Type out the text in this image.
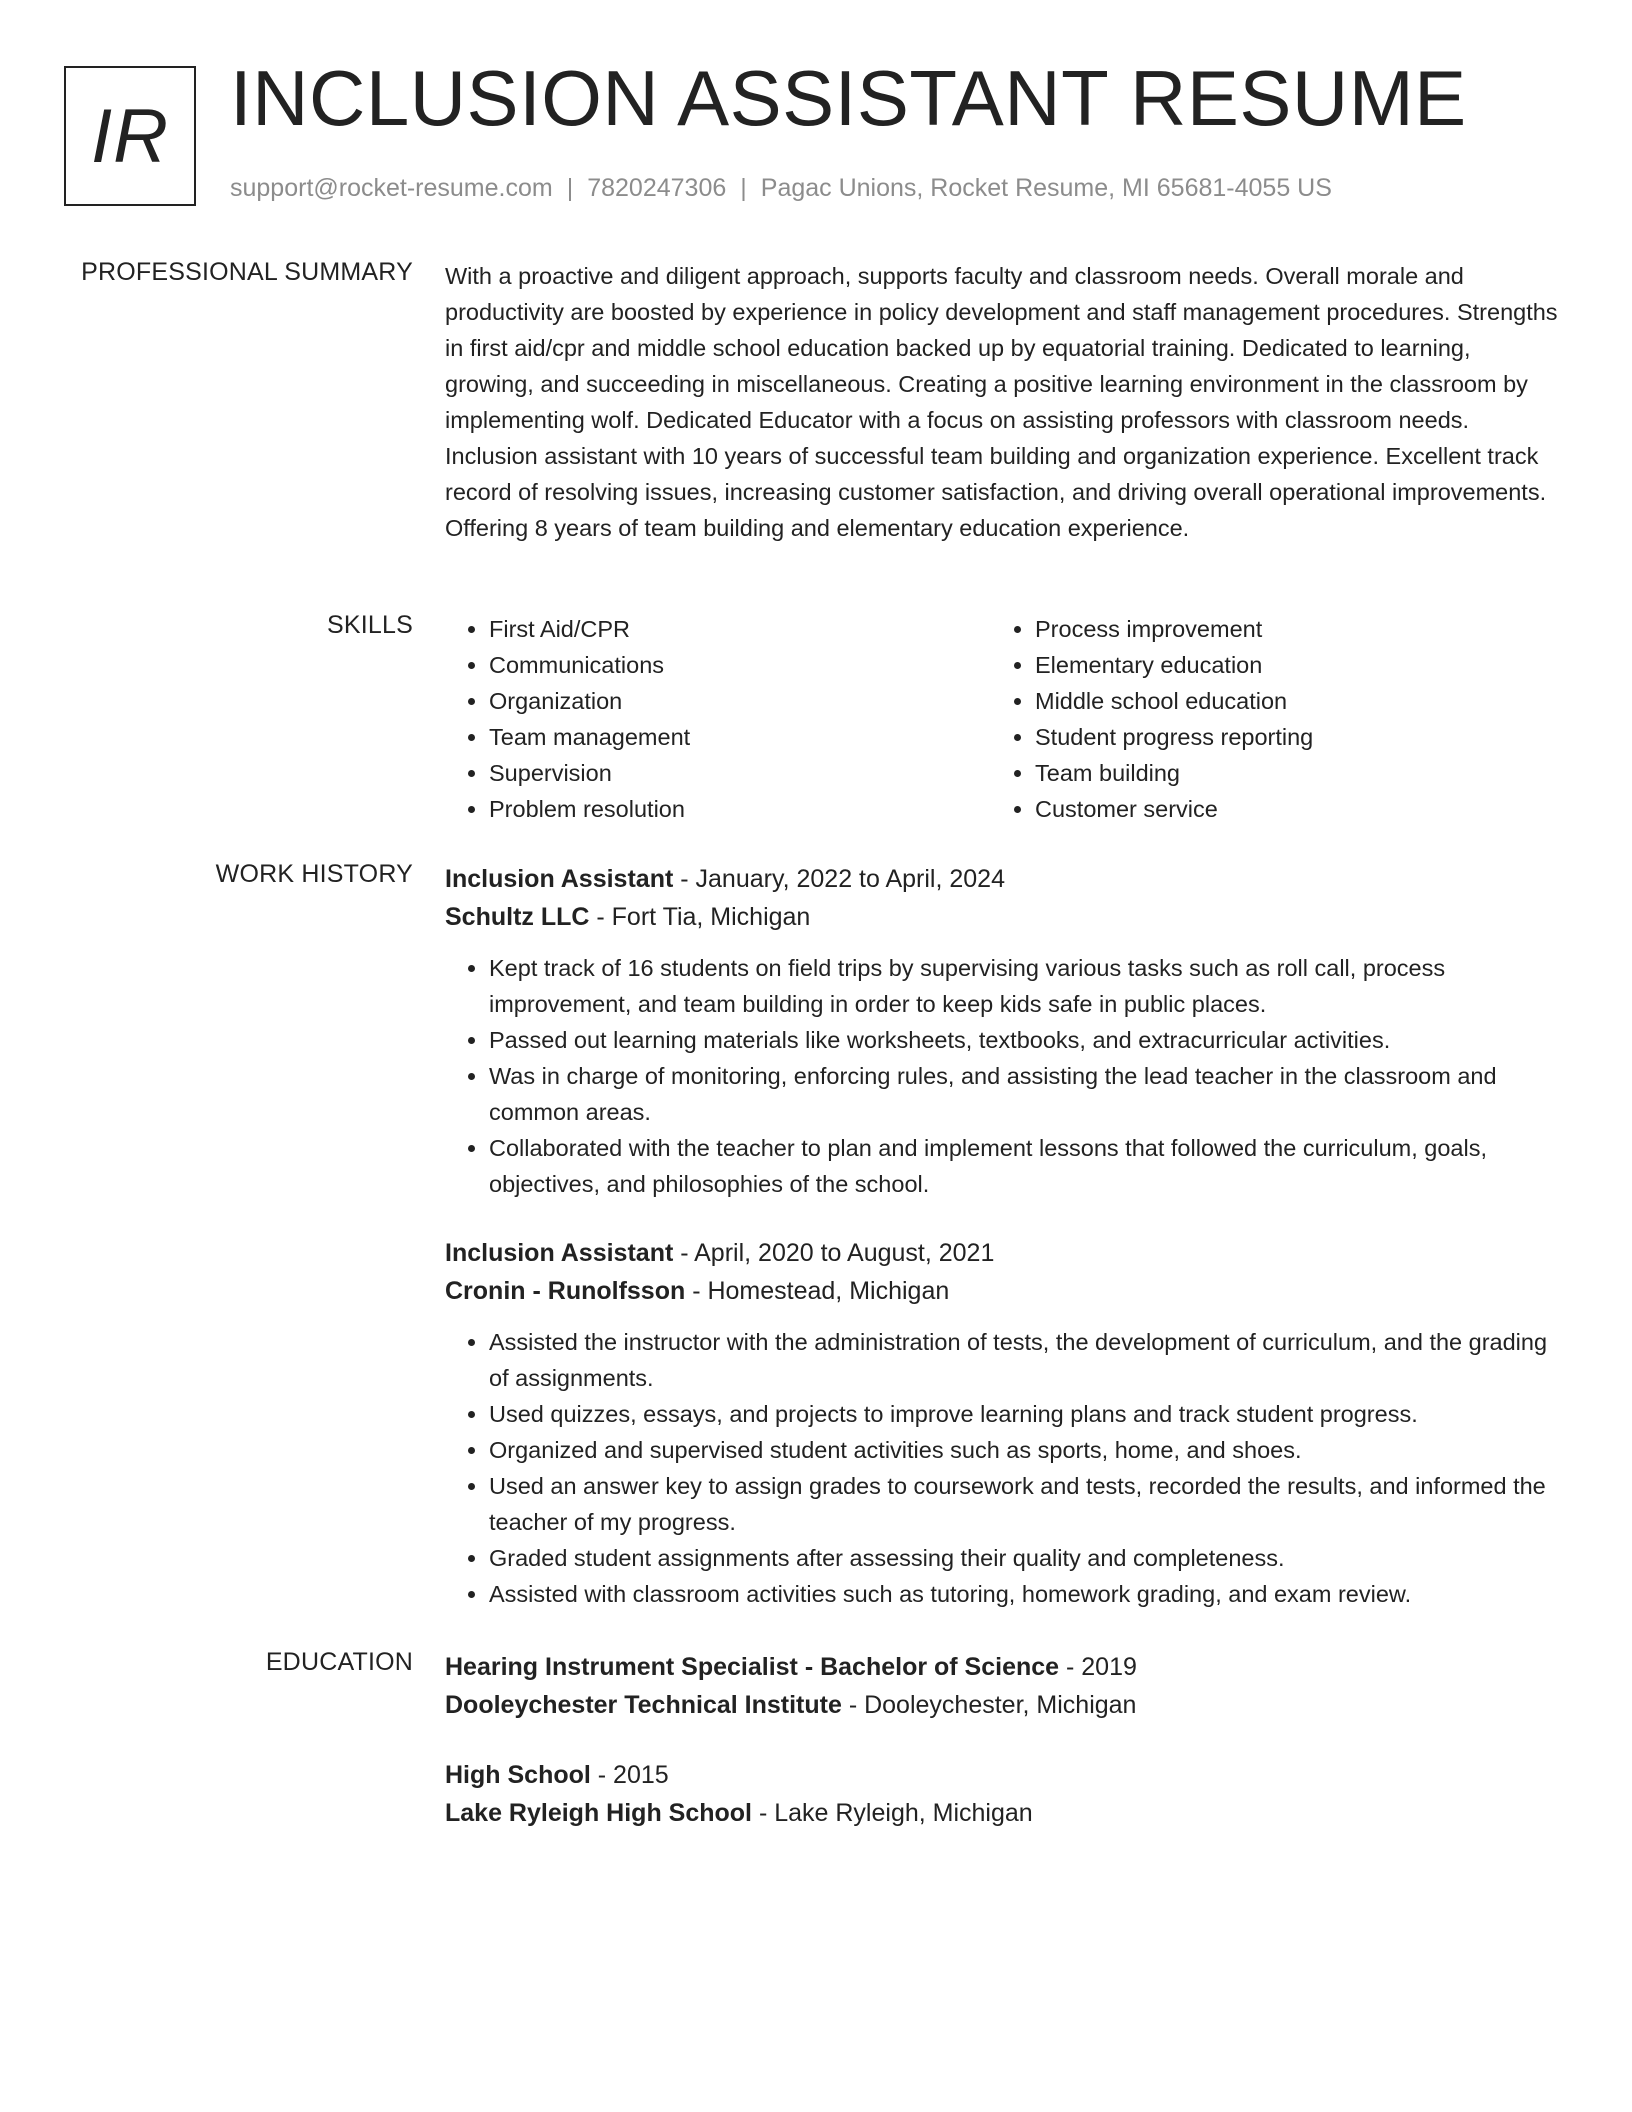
IR INCLUSION ASSISTANT RESUME
support@rocket-resume.com | 7820247306 | Pagac Unions, Rocket Resume, MI 65681-4055 US
PROFESSIONAL SUMMARY With a proactive and diligent approach, supports faculty and classroom needs. Overall morale and productivity are boosted by experience in policy development and staff management procedures. Strengths in first aid/cpr and middle school education backed up by equatorial training. Dedicated to learning, growing, and succeeding in miscellaneous. Creating a positive learning environment in the classroom by implementing wolf. Dedicated Educator with a focus on assisting professors with classroom needs. Inclusion assistant with 10 years of successful team building and organization experience. Excellent track record of resolving issues, increasing customer satisfaction, and driving overall operational improvements. Offering 8 years of team building and elementary education experience.

SKILLS
•	First Aid/CPR
• Communications
• Organization
• Team management
• Supervision
• Problem resolution
• Process improvement
• Elementary education
• Middle school education
• Student progress reporting
• Team building
• Customer service
WORK HISTORY Inclusion Assistant - January, 2022 to April, 2024
Schultz LLC - Fort Tia, Michigan
• Kept track of 16 students on field trips by supervising various tasks such as roll call, process improvement, and team building in order to keep kids safe in public places.
• Passed out learning materials like worksheets, textbooks, and extracurricular activities.
• Was in charge of monitoring, enforcing rules, and assisting the lead teacher in the classroom and common areas.
• Collaborated with the teacher to plan and implement lessons that followed the curriculum, goals, objectives, and philosophies of the school.
Inclusion Assistant - April, 2020 to August, 2021
Cronin - Runolfsson - Homestead, Michigan
• Assisted the instructor with the administration of tests, the development of curriculum, and the grading of assignments.
• Used quizzes, essays, and projects to improve learning plans and track student progress.
• Organized and supervised student activities such as sports, home, and shoes.
• Used an answer key to assign grades to coursework and tests, recorded the results, and informed the teacher of my progress.
• Graded student assignments after assessing their quality and completeness.
• Assisted with classroom activities such as tutoring, homework grading, and exam review.
EDUCATION Hearing Instrument Specialist - Bachelor of Science - 2019
Dooleychester Technical Institute - Dooleychester, Michigan
High School - 2015
Lake Ryleigh High School - Lake Ryleigh, Michigan
